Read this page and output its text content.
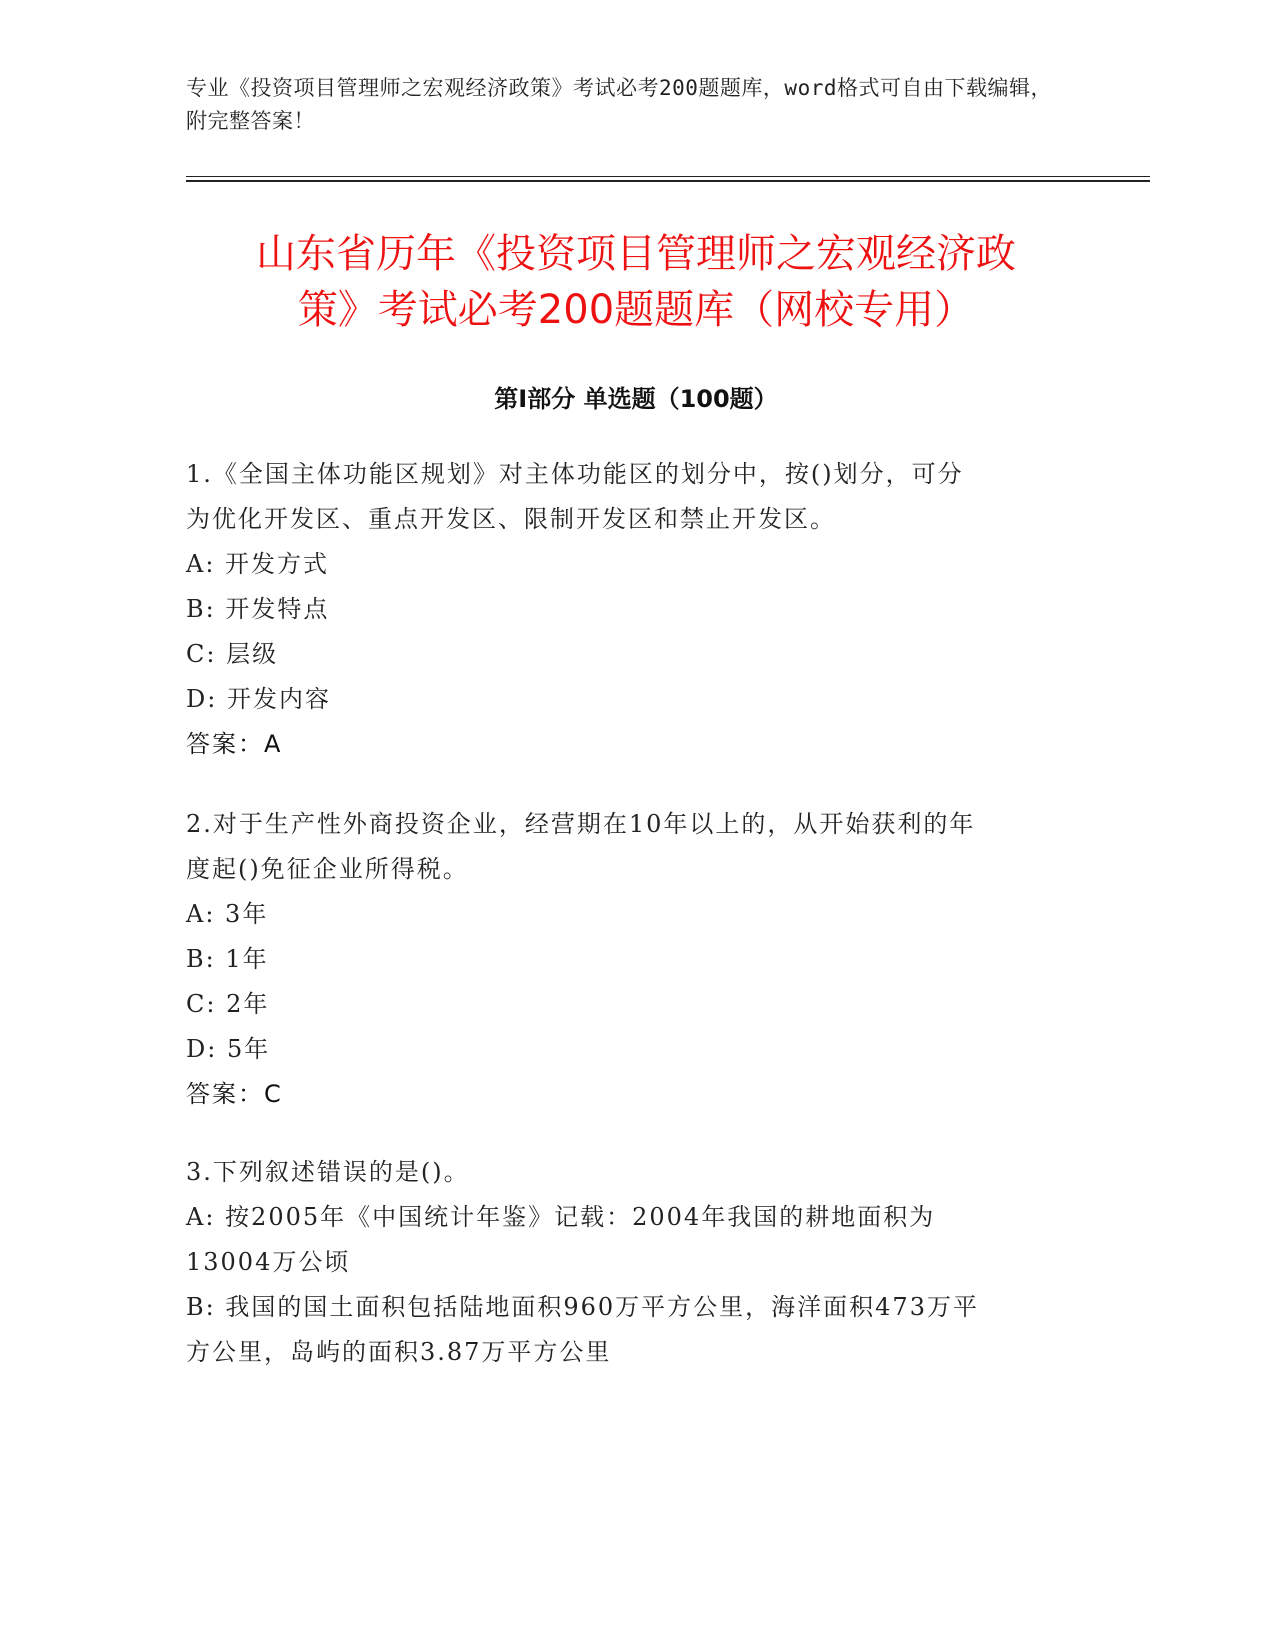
专业《投资项目管理师之宏观经济政策》考试必考200题题库，word格式可自由下载编辑，附完整答案！
山东省历年《投资项目管理师之宏观经济政
策》考试必考200题题库（网校专用）
第I部分 单选题（100题）
1.《全国主体功能区规划》对主体功能区的划分中，按()划分，可分
为优化开发区、重点开发区、限制开发区和禁止开发区。
A: 开发方式
B: 开发特点
C: 层级
D: 开发内容
答案：A
2.对于生产性外商投资企业，经营期在10年以上的，从开始获利的年
度起()免征企业所得税。
A: 3年
B: 1年
C: 2年
D: 5年
答案：C
3.下列叙述错误的是()。
A: 按2005年《中国统计年鉴》记载：2004年我国的耕地面积为
13004万公顷
B: 我国的国土面积包括陆地面积960万平方公里，海洋面积473万平
方公里，岛屿的面积3.87万平方公里
